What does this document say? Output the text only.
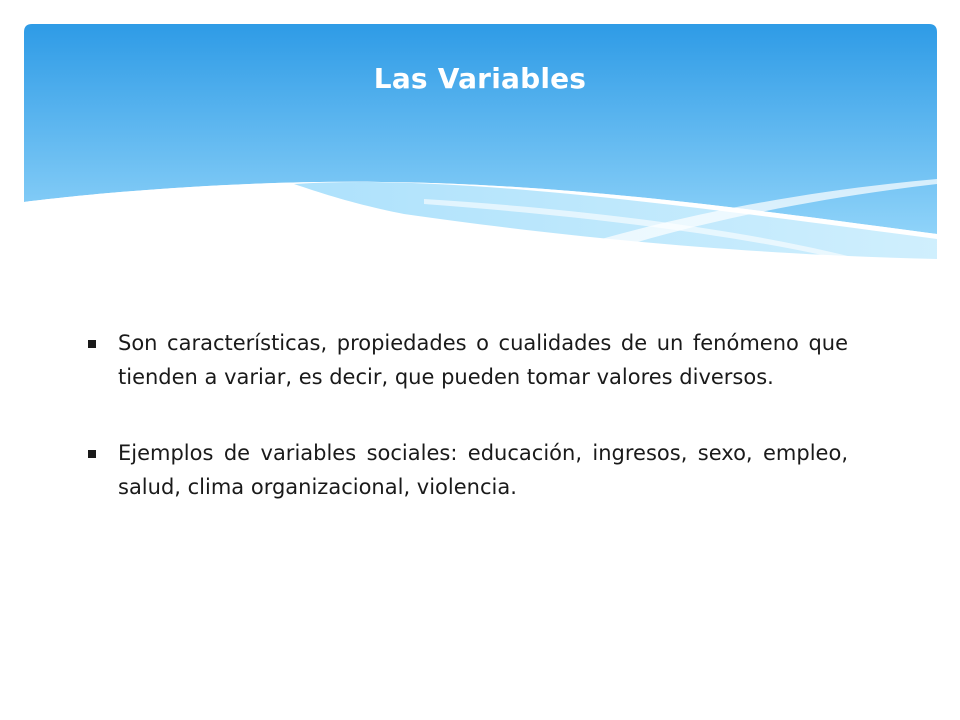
Las Variables
Son características, propiedades o cualidades de un fenómeno que tienden a variar, es decir, que pueden tomar valores diversos.
Ejemplos de variables sociales: educación, ingresos, sexo, empleo, salud, clima organizacional, violencia.
